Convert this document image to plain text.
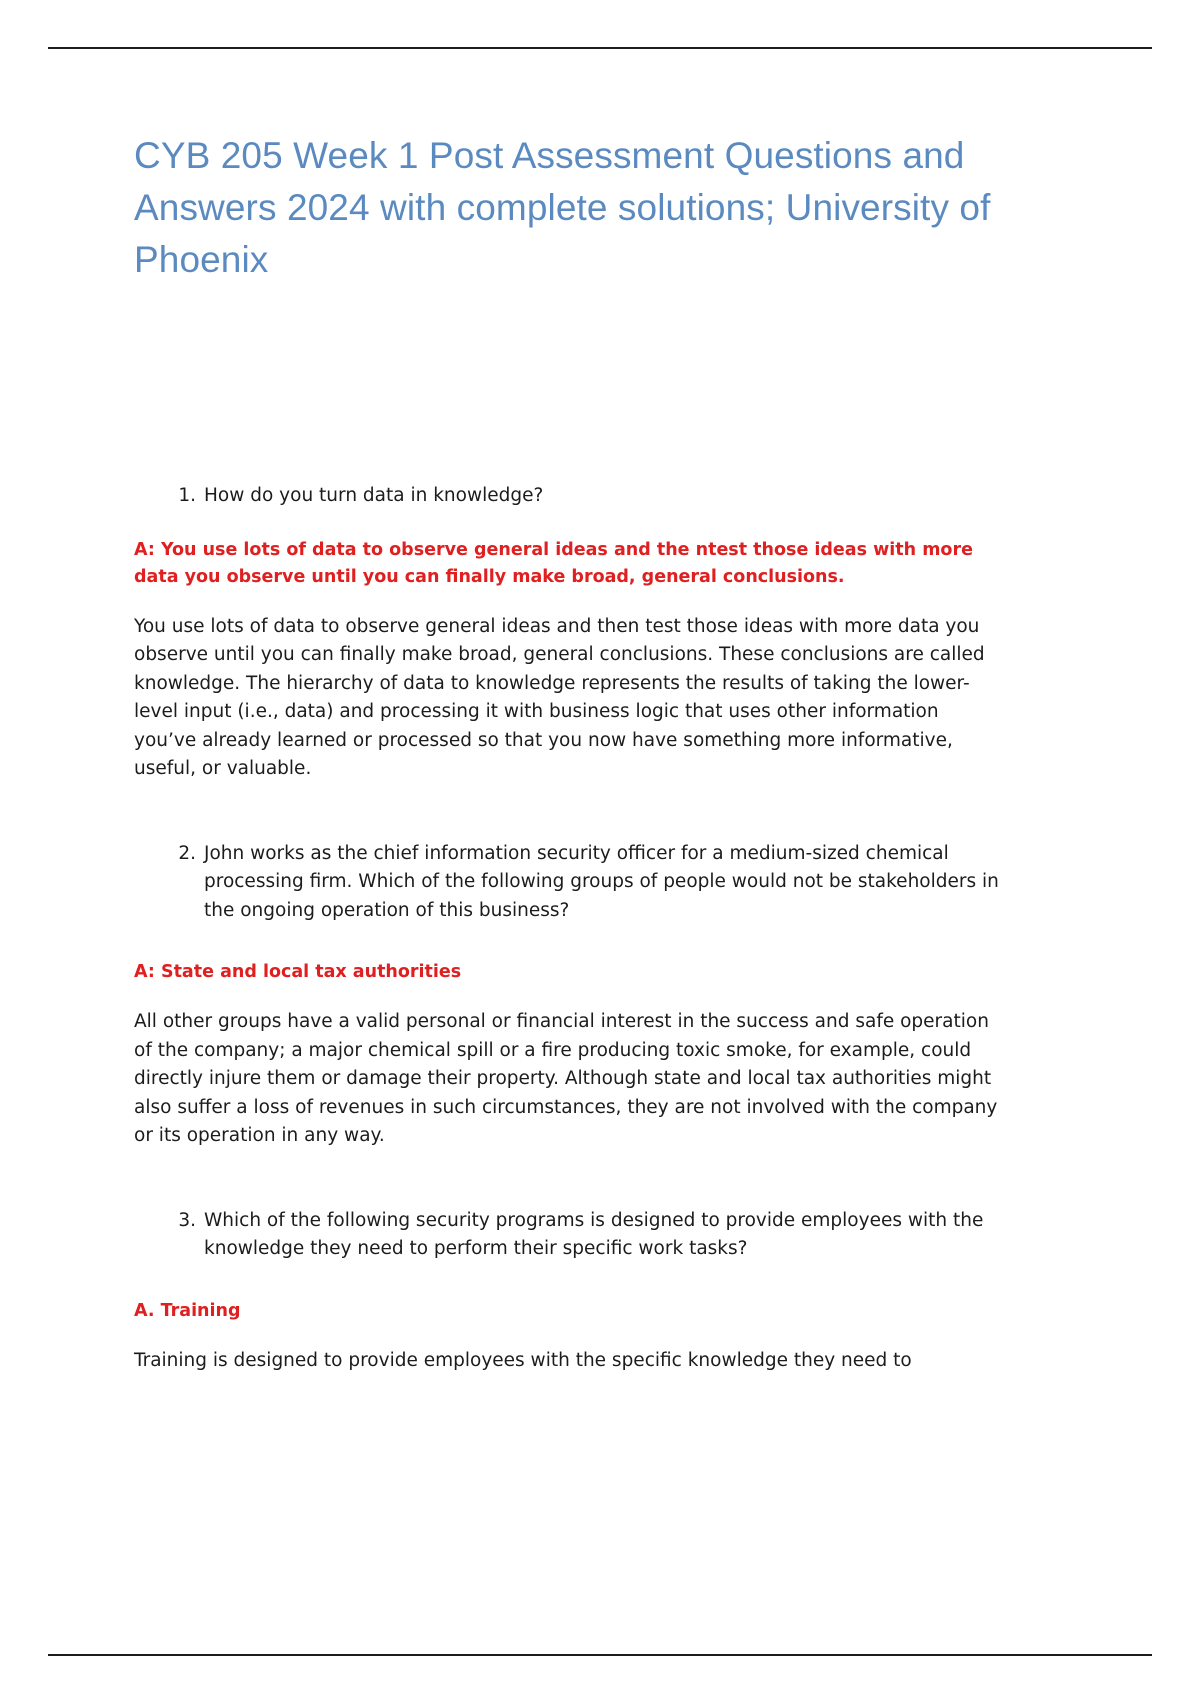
CYB 205 Week 1 Post Assessment Questions and Answers 2024 with complete solutions; University of Phoenix
1. How do you turn data in knowledge?

A: You use lots of data to observe general ideas and the ntest those ideas with more data you observe until you can finally make broad, general conclusions.

You use lots of data to observe general ideas and then test those ideas with more data you observe until you can finally make broad, general conclusions. These conclusions are called knowledge. The hierarchy of data to knowledge represents the results of taking the lower-level input (i.e., data) and processing it with business logic that uses other information you’ve already learned or processed so that you now have something more informative, useful, or valuable.

2. John works as the chief information security officer for a medium-sized chemical processing firm. Which of the following groups of people would not be stakeholders in the ongoing operation of this business?

A: State and local tax authorities

All other groups have a valid personal or financial interest in the success and safe operation of the company; a major chemical spill or a fire producing toxic smoke, for example, could directly injure them or damage their property. Although state and local tax authorities might also suffer a loss of revenues in such circumstances, they are not involved with the company or its operation in any way.

3. Which of the following security programs is designed to provide employees with the knowledge they need to perform their specific work tasks?

A. Training

Training is designed to provide employees with the specific knowledge they need to
